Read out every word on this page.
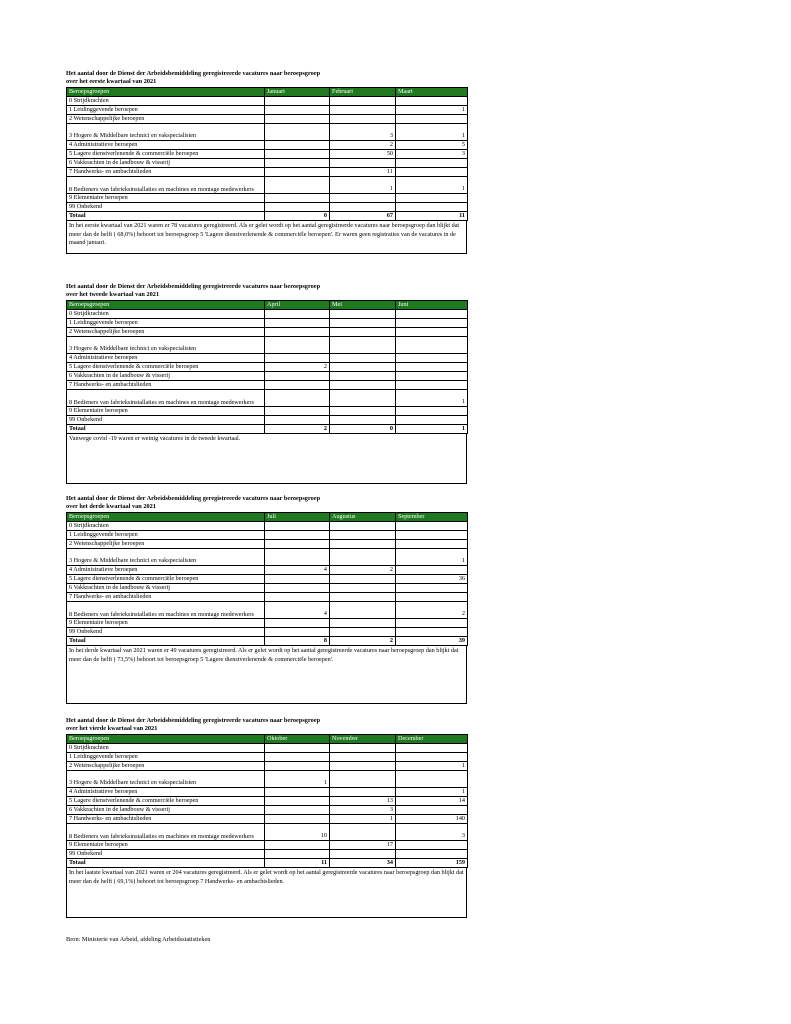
Het aantal door de Dienst der Arbeidsbemiddeling geregistreerde vacatures naar beroepsgroep

over het eerste kwartaal van 2021

Beroepsgroepen	Januari	Februari	Maart
0 Strijdkrachten			
1 Leidinggevende beroepen			1
2 Wetenschappelijke beroepen			
3 Hogere & Middelbare technici en vakspecialisten		3	1
4 Administratieve beroepen		2	5
5 Lagere dienstverlenende & commerciële beroepen		50	3
6 Vakkrachten in de landbouw & visserij			
7 Handwerks- en ambachtslieden		11	
8 Bedieners van fabrieksinstallaties en machines en montage medewerkers		1	1
9 Elementaire beroepen			
99 Onbekend			
Totaal	0	67	11
In het eerste kwartaal van 2021 waren er 78 vacatures geregistreerd. Als er gelet wordt op het aantal geregistreerde vacatures naar beroepsgroep dan blijkt dat meer dan de helft ( 68,0%) behoort tot beroepsgroep 5 'Lagere dienstverlenende & commerciële beroepen'. Er waren geen registraties van de vacatures in de maand januari.

Het aantal door de Dienst der Arbeidsbemiddeling geregistreerde vacatures naar beroepsgroep

over het tweede kwartaal van 2021

Beroepsgroepen	April	Mei	Juni
0 Strijdkrachten			
1 Leidinggevende beroepen			
2 Wetenschappelijke beroepen			
3 Hogere & Middelbare technici en vakspecialisten			
4 Administratieve beroepen			
5 Lagere dienstverlenende & commerciële beroepen	2		
6 Vakkrachten in de landbouw & visserij			
7 Handwerks- en ambachtslieden			
8 Bedieners van fabrieksinstallaties en machines en montage medewerkers			1
9 Elementaire beroepen			
99 Onbekend			
Totaal	2	0	1
Vanwege covid -19 waren er weinig vacatures in de tweede kwartaal.

Het aantal door de Dienst der Arbeidsbemiddeling geregistreerde vacatures naar beroepsgroep

over het derde kwartaal van 2021

Beroepsgroepen	Juli	Augustus	September
0 Strijdkrachten			
1 Leidinggevende beroepen			
2 Wetenschappelijke beroepen			
3 Hogere & Middelbare technici en vakspecialisten			1
4 Administratieve beroepen	4	2	
5 Lagere dienstverlenende & commerciële beroepen			36
6 Vakkrachten in de landbouw & visserij			
7 Handwerks- en ambachtslieden			
8 Bedieners van fabrieksinstallaties en machines en montage medewerkers	4		2
9 Elementaire beroepen			
99 Onbekend			
Totaal	8	2	39
In het derde kwartaal van 2021 waren er 49 vacatures geregistreerd. Als er gelet wordt op het aantal geregistreerde vacatures naar beroepsgroep dan blijkt dat meer dan de helft ( 73,5%) behoort tot beroepsgroep 5 'Lagere dienstverlenende & commerciële beroepen'.

Het aantal door de Dienst der Arbeidsbemiddeling geregistreerde vacatures naar beroepsgroep

over het vierde kwartaal van 2021

Beroepsgroepen	Oktober	November	December
0 Strijdkrachten			
1 Leidinggevende beroepen			
2 Wetenschappelijke beroepen			1
3 Hogere & Middelbare technici en vakspecialisten	1		
4 Administratieve beroepen			1
5 Lagere dienstverlenende & commerciële beroepen		13	14
6 Vakkrachten in de landbouw & visserij		3	
7 Handwerks- en ambachtslieden		1	140
8 Bedieners van fabrieksinstallaties en machines en montage medewerkers	10		3
9 Elementaire beroepen		17	
99 Onbekend			
Totaal	11	34	159
In het laatste kwartaal van 2021 waren er 204 vacatures geregistreerd. Als er gelet wordt op het aantal geregistreerde vacatures naar beroepsgroep dan blijkt dat meer dan de helft ( 69,1%) behoort tot beroepsgroep 7 Handwerks- en ambachtslieden.
Bron: Ministerie van Arbeid, afdeling Arbeidsstatistieken
